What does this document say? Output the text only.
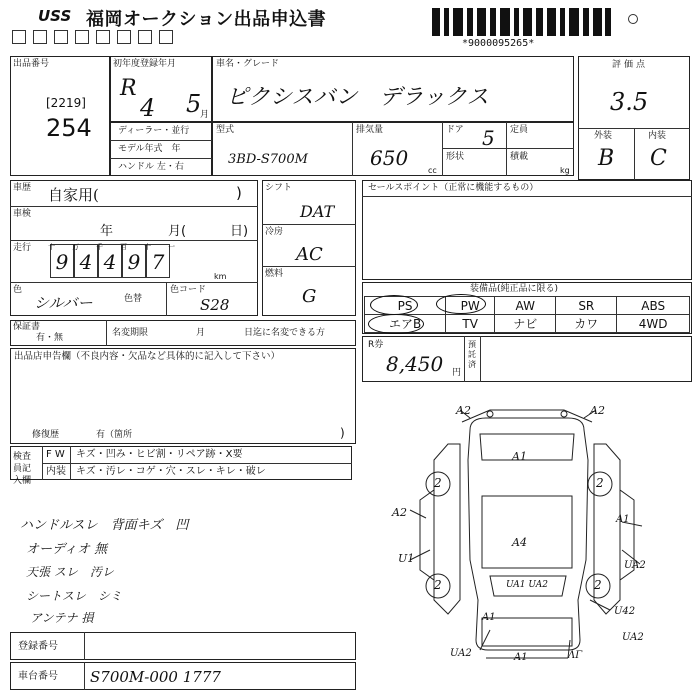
USS 福岡オークション出品申込書
*9000095265*
出品番号
[2219]
254
初年度登録年月
R
4 5
月
ディーラー・並行
モデル年式　年
ハンドル 左・右
車名・グレード
ピクシスバン　デラックス
型式
3BD-S700M
排気量
650
cc
ドア 5
形状
定員
積載
kg
評価点
3.5
外装	内装
B C
車歴 自家用(	)
車検
年	月(	日)
走行
9 4 4 9 7
十 万 千 百 十 一
km
色
シルバー	色替
色コード
S28
シフト
DAT
冷房
AC
燃料
G
セールスポイント（正常に機能するもの）
装備品(純正品に限る)
PS	PW	AW	SR	ABS
エアB	TV	ナビ	カワ	4WD
R券
8,450 円
預託済
保証書
有・無	名変期限	月	日迄に名変できる方
出品店申告欄（不良内容・欠品など具体的に記入して下さい）
修復歴	有（箇所	)
検査員記入欄
F W キズ・凹み・ヒビ割・リペア跡・X要
内装 キズ・汚レ・コゲ・穴・スレ・キレ・破レ
ハンドルスレ　背面キズ　凹
オーディオ 無
天張 スレ　汚レ
シートスレ　シミ
アンテナ 損
登録番号
車台番号 S700M-000 1777
A2	A2
A1
2	2
A2
A4
U1
A1
UA2
2	2
UA1 UA2
A1
UA2	A1	ΛΓ
U42
UA2
